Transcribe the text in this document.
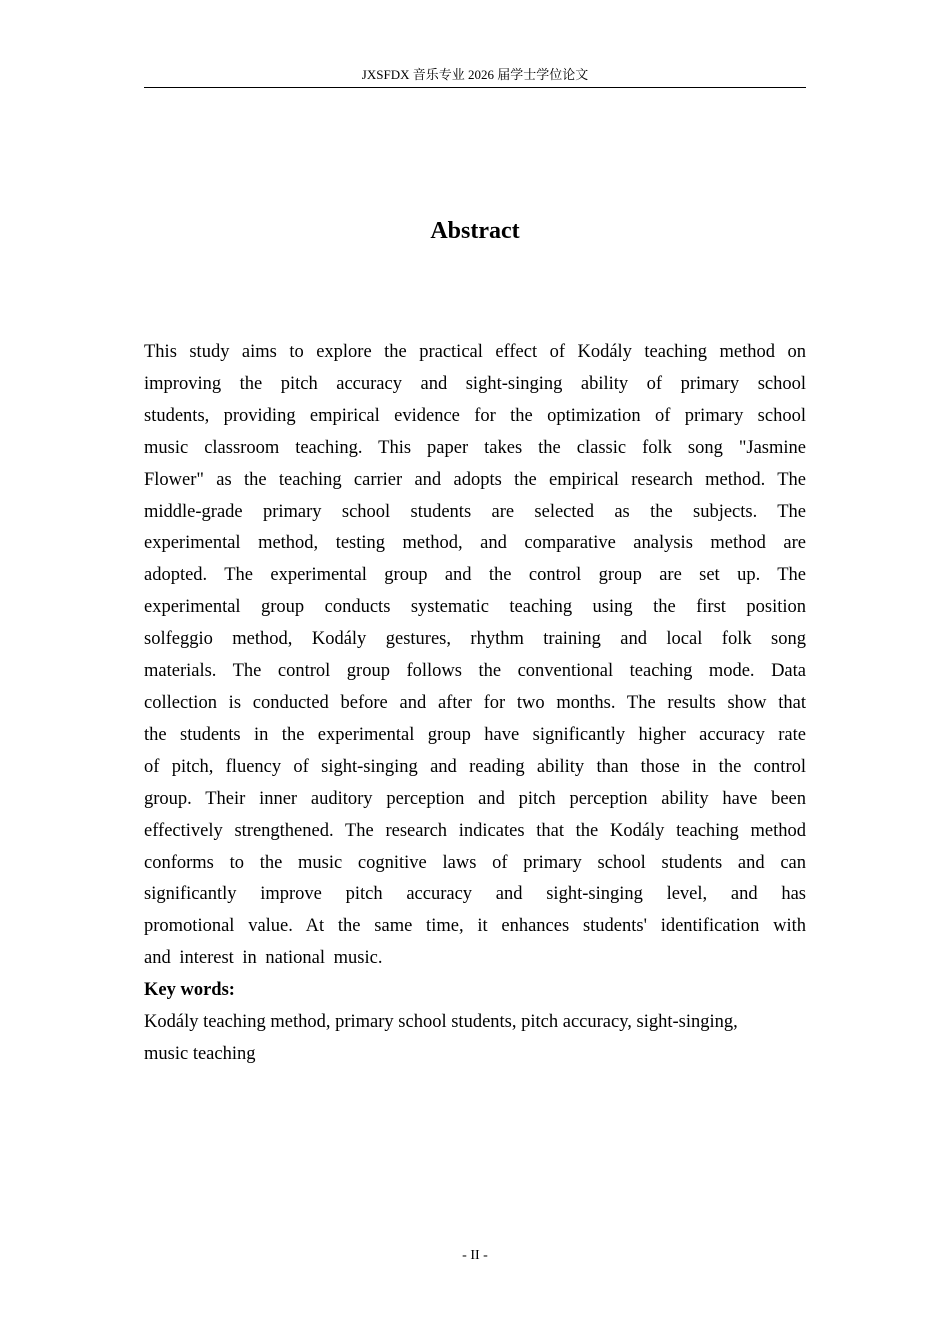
JXSFDX 音乐专业 2026 届学士学位论文
Abstract
This study aims to explore the practical effect of Kodály teaching method on
improving the pitch accuracy and sight-singing ability of primary school
students, providing empirical evidence for the optimization of primary school
music classroom teaching. This paper takes the classic folk song "Jasmine
Flower" as the teaching carrier and adopts the empirical research method. The
middle-grade primary school students are selected as the subjects. The
experimental method, testing method, and comparative analysis method are
adopted. The experimental group and the control group are set up. The
experimental group conducts systematic teaching using the first position
solfeggio method, Kodály gestures, rhythm training and local folk song
materials. The control group follows the conventional teaching mode. Data
collection is conducted before and after for two months. The results show that
the students in the experimental group have significantly higher accuracy rate
of pitch, fluency of sight-singing and reading ability than those in the control
group. Their inner auditory perception and pitch perception ability have been
effectively strengthened. The research indicates that the Kodály teaching method
conforms to the music cognitive laws of primary school students and can
significantly improve pitch accuracy and sight-singing level, and has
promotional value. At the same time, it enhances students' identification with
and interest in national music.
Key words:
Kodály teaching method, primary school students, pitch accuracy, sight-singing,
music teaching
- II -
